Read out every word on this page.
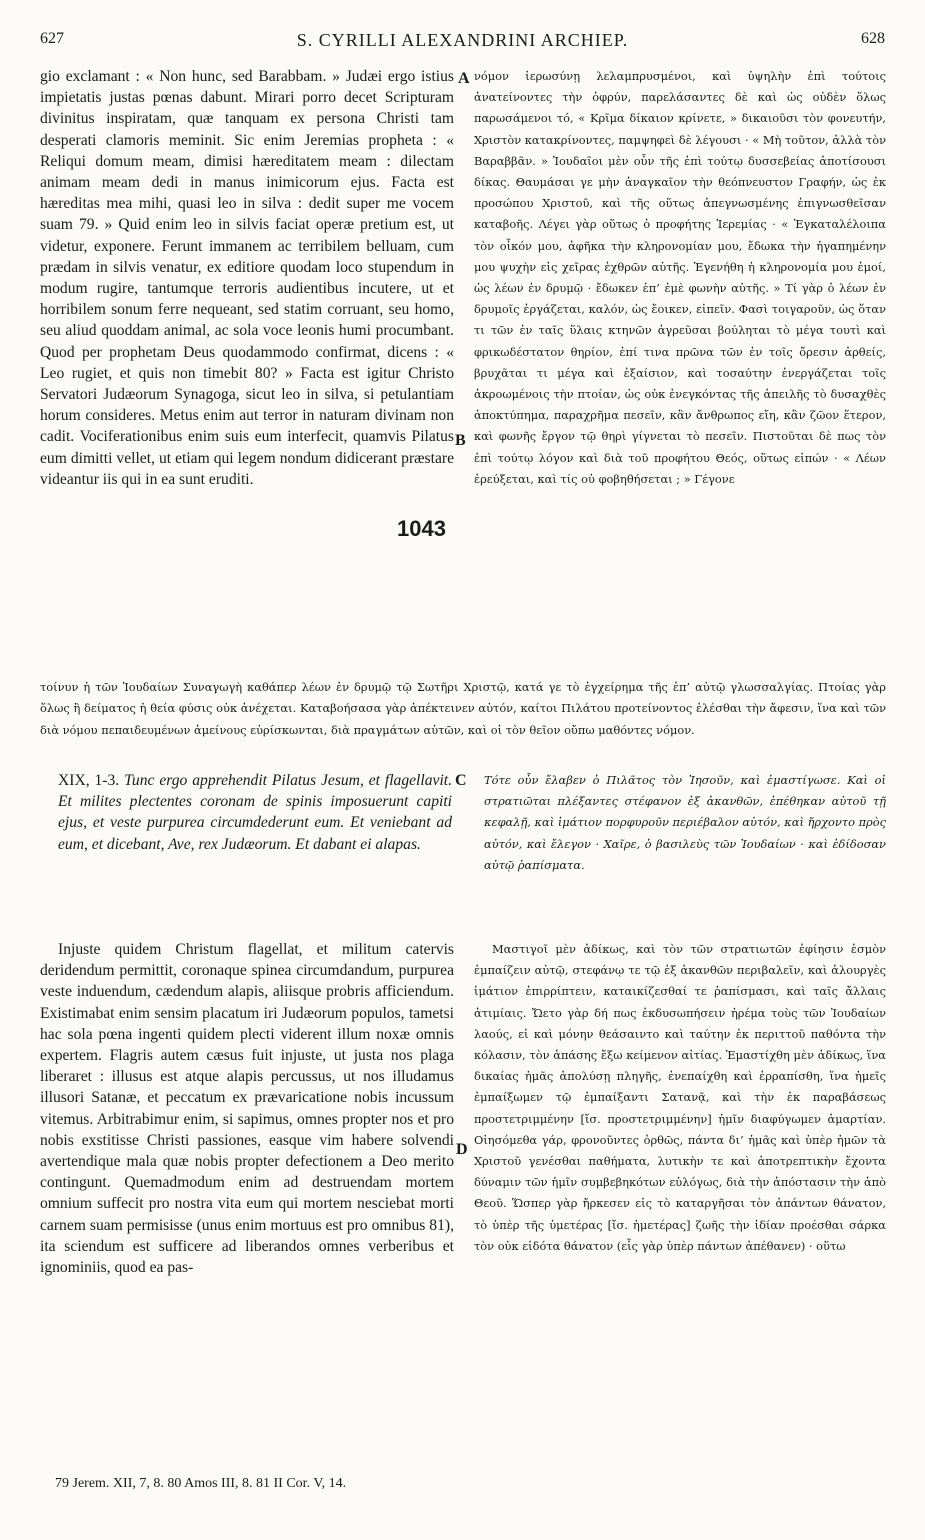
627	S. CYRILLI ALEXANDRINI ARCHIEP.	628

gio exclamant : « Non hunc, sed Barabbam. » Judæi ergo istius impietatis justas pœnas dabunt. Mirari porro decet Scripturam divinitus inspiratam, quæ tanquam ex persona Christi tam desperati clamoris meminit. Sic enim Jeremias propheta : « Reliqui domum meam, dimisi hæreditatem meam : dilectam animam meam dedi in manus inimicorum ejus. Facta est hæreditas mea mihi, quasi leo in silva : dedit super me vocem suam 79. » Quid enim leo in silvis faciat operæ pretium est, ut videtur, exponere. Ferunt immanem ac terribilem belluam, cum prædam in silvis venatur, ex editiore quodam loco stupendum in modum rugire, tantumque terroris audientibus incutere, ut et horribilem sonum ferre nequeant, sed statim corruant, seu homo, seu aliud quoddam animal, ac sola voce leonis humi procumbant. Quod per prophetam Deus quodammodo confirmat, dicens : « Leo rugiet, et quis non timebit 80? » Facta est igitur Christo Servatori Judæorum Synagoga, sicut leo in silva, si petulantiam horum consideres. Metus enim aut terror in naturam divinam non cadit. Vociferationibus enim suis eum interfecit, quamvis Pilatus eum dimitti vellet, ut etiam qui legem nondum didicerant præstare videantur iis qui in ea sunt eruditi.

A
B
1043

νόμον ἱερωσύνῃ λελαμπρυσμένοι, καὶ ὑψηλὴν ἐπὶ τούτοις ἀνατείνοντες τὴν ὀφρύν, παρελάσαντες δὲ καὶ ὡς οὐδὲν ὅλως παρωσάμενοι τό, « Κρῖμα δίκαιον κρίνετε, » δικαιοῦσι τὸν φονευτήν, Χριστὸν κατακρίνοντες, παμψηφεὶ δὲ λέγουσι · « Μὴ τοῦτον, ἀλλὰ τὸν Βαραββᾶν. » Ἰουδαῖοι μὲν οὖν τῆς ἐπὶ τούτῳ δυσσεβείας ἀποτίσουσι δίκας. Θαυμάσαι γε μὴν ἀναγκαῖον τὴν θεόπνευστον Γραφήν, ὡς ἐκ προσώπου Χριστοῦ, καὶ τῆς οὕτως ἀπεγνωσμένης ἐπιγνωσθεῖσαν καταβοῆς. Λέγει γὰρ οὕτως ὁ προφήτης Ἱερεμίας · « Ἐγκαταλέλοιπα τὸν οἶκόν μου, ἀφῆκα τὴν κληρονομίαν μου, ἔδωκα τὴν ἠγαπημένην μου ψυχὴν εἰς χεῖρας ἐχθρῶν αὐτῆς. Ἐγενήθη ἡ κληρονομία μου ἐμοί, ὡς λέων ἐν δρυμῷ · ἔδωκεν ἐπ’ ἐμὲ φωνὴν αὐτῆς. » Τί γὰρ ὁ λέων ἐν δρυμοῖς ἐργάζεται, καλόν, ὡς ἔοικεν, εἰπεῖν. Φασὶ τοιγαροῦν, ὡς ὅταν τι τῶν ἐν ταῖς ὕλαις κτηνῶν ἀγρεῦσαι βούληται τὸ μέγα τουτὶ καὶ φρικωδέστατον θηρίον, ἐπί τινα πρῶνα τῶν ἐν τοῖς ὄρεσιν ἀρθείς, βρυχᾶται τι μέγα καὶ ἐξαίσιον, καὶ τοσαύτην ἐνεργάζεται τοῖς ἀκροωμένοις τὴν πτοίαν, ὡς οὐκ ἐνεγκόντας τῆς ἀπειλῆς τὸ δυσαχθὲς ἀποκτύπημα, παραχρῆμα πεσεῖν, κἂν ἄνθρωπος εἴη, κἂν ζῶον ἕτερον, καὶ φωνῆς ἔργον τῷ θηρὶ γίγνεται τὸ πεσεῖν. Πιστοῦται δὲ πως τὸν ἐπὶ τούτῳ λόγον καὶ διὰ τοῦ προφήτου Θεός, οὕτως εἰπών · « Λέων ἐρεύξεται, καὶ τίς οὐ φοβηθήσεται ; » Γέγονε

τοίνυν ἡ τῶν Ἰουδαίων Συναγωγὴ καθάπερ λέων ἐν δρυμῷ τῷ Σωτῆρι Χριστῷ, κατά γε τὸ ἐγχείρημα τῆς ἐπ’ αὐτῷ γλωσσαλγίας. Πτοίας γὰρ ὅλως ἢ δείματος ἡ θεία φύσις οὐκ ἀνέχεται. Καταβοήσασα γὰρ ἀπέκτεινεν αὐτόν, καίτοι Πιλάτου προτείνοντος ἐλέσθαι τὴν ἄφεσιν, ἵνα καὶ τῶν διὰ νόμου πεπαιδευμένων ἀμείνους εὑρίσκωνται, διὰ πραγμάτων αὐτῶν, καὶ οἱ τὸν θεῖον οὔπω μαθόντες νόμον.

XIX, 1-3. Tunc ergo apprehendit Pilatus Jesum, et flagellavit. Et milites plectentes coronam de spinis imposuerunt capiti ejus, et veste purpurea circumdederunt eum. Et veniebant ad eum, et dicebant, Ave, rex Judæorum. Et dabant ei alapas.

C Τότε οὖν ἔλαβεν ὁ Πιλᾶτος τὸν Ἰησοῦν, καὶ ἐμαστίγωσε. Καὶ οἱ στρατιῶται πλέξαντες στέφανον ἐξ ἀκανθῶν, ἐπέθηκαν αὐτοῦ τῇ κεφαλῇ, καὶ ἱμάτιον πορφυροῦν περιέβαλον αὐτόν, καὶ ἤρχοντο πρὸς αὐτόν, καὶ ἔλεγον · Χαῖρε, ὁ βασιλεὺς τῶν Ἰουδαίων · καὶ ἐδίδοσαν αὐτῷ ῥαπίσματα.

Injuste quidem Christum flagellat, et militum catervis deridendum permittit, coronaque spinea circumdandum, purpurea veste induendum, cædendum alapis, aliisque probris afficiendum. Existimabat enim sensim placatum iri Judæorum populos, tametsi hac sola pœna ingenti quidem plecti viderent illum noxæ omnis expertem. Flagris autem cæsus fuit injuste, ut justa nos plaga liberaret : illusus est atque alapis percussus, ut nos illudamus illusori Satanæ, et peccatum ex prævaricatione nobis incussum vitemus. Arbitrabimur enim, si sapimus, omnes propter nos et pro nobis exstitisse Christi passiones, easque vim habere solvendi avertendique mala quæ nobis propter defectionem a Deo merito contingunt. Quemadmodum enim ad destruendam mortem omnium suffecit pro nostra vita eum qui mortem nesciebat morti carnem suam permisisse (unus enim mortuus est pro omnibus 81), ita sciendum est sufficere ad liberandos omnes verberibus et ignominiis, quod ea pas-

D

Μαστιγοῖ μὲν ἀδίκως, καὶ τὸν τῶν στρατιωτῶν ἐφίησιν ἑσμὸν ἐμπαίζειν αὐτῷ, στεφάνῳ τε τῷ ἐξ ἀκανθῶν περιβαλεῖν, καὶ ἁλουργὲς ἱμάτιον ἐπιρρίπτειν, καταικίζεσθαί τε ῥαπίσμασι, καὶ ταῖς ἄλλαις ἀτιμίαις. Ὤετο γὰρ δή πως ἐκδυσωπήσειν ἠρέμα τοὺς τῶν Ἰουδαίων λαούς, εἰ καὶ μόνην θεάσαιντο καὶ ταύτην ἐκ περιττοῦ παθόντα τὴν κόλασιν, τὸν ἁπάσης ἔξω κείμενον αἰτίας. Ἐμαστίχθη μὲν ἀδίκως, ἵνα δικαίας ἡμᾶς ἀπολύσῃ πληγῆς, ἐνεπαίχθη καὶ ἐρραπίσθη, ἵνα ἡμεῖς ἐμπαίξωμεν τῷ ἐμπαίξαντι Σατανᾷ, καὶ τὴν ἐκ παραβάσεως προστετριμμένην [ἴσ. προστετριμμένην] ἡμῖν διαφύγωμεν ἁμαρτίαν. Οἰησόμεθα γάρ, φρονοῦντες ὀρθῶς, πάντα δι’ ἡμᾶς καὶ ὑπὲρ ἡμῶν τὰ Χριστοῦ γενέσθαι παθήματα, λυτικὴν τε καὶ ἀποτρεπτικὴν ἔχοντα δύναμιν τῶν ἡμῖν συμβεβηκότων εὐλόγως, διὰ τὴν ἀπόστασιν τὴν ἀπὸ Θεοῦ. Ὥσπερ γὰρ ἤρκεσεν εἰς τὸ καταργῆσαι τὸν ἁπάντων θάνατον, τὸ ὑπὲρ τῆς ὑμετέρας [ἴσ. ἡμετέρας] ζωῆς τὴν ἰδίαν προέσθαι σάρκα τὸν οὐκ εἰδότα θάνατον (εἷς γὰρ ὑπὲρ πάντων ἀπέθανεν) · οὕτω

79 Jerem. XII, 7, 8. 80 Amos III, 8. 81 II Cor. V, 14.
